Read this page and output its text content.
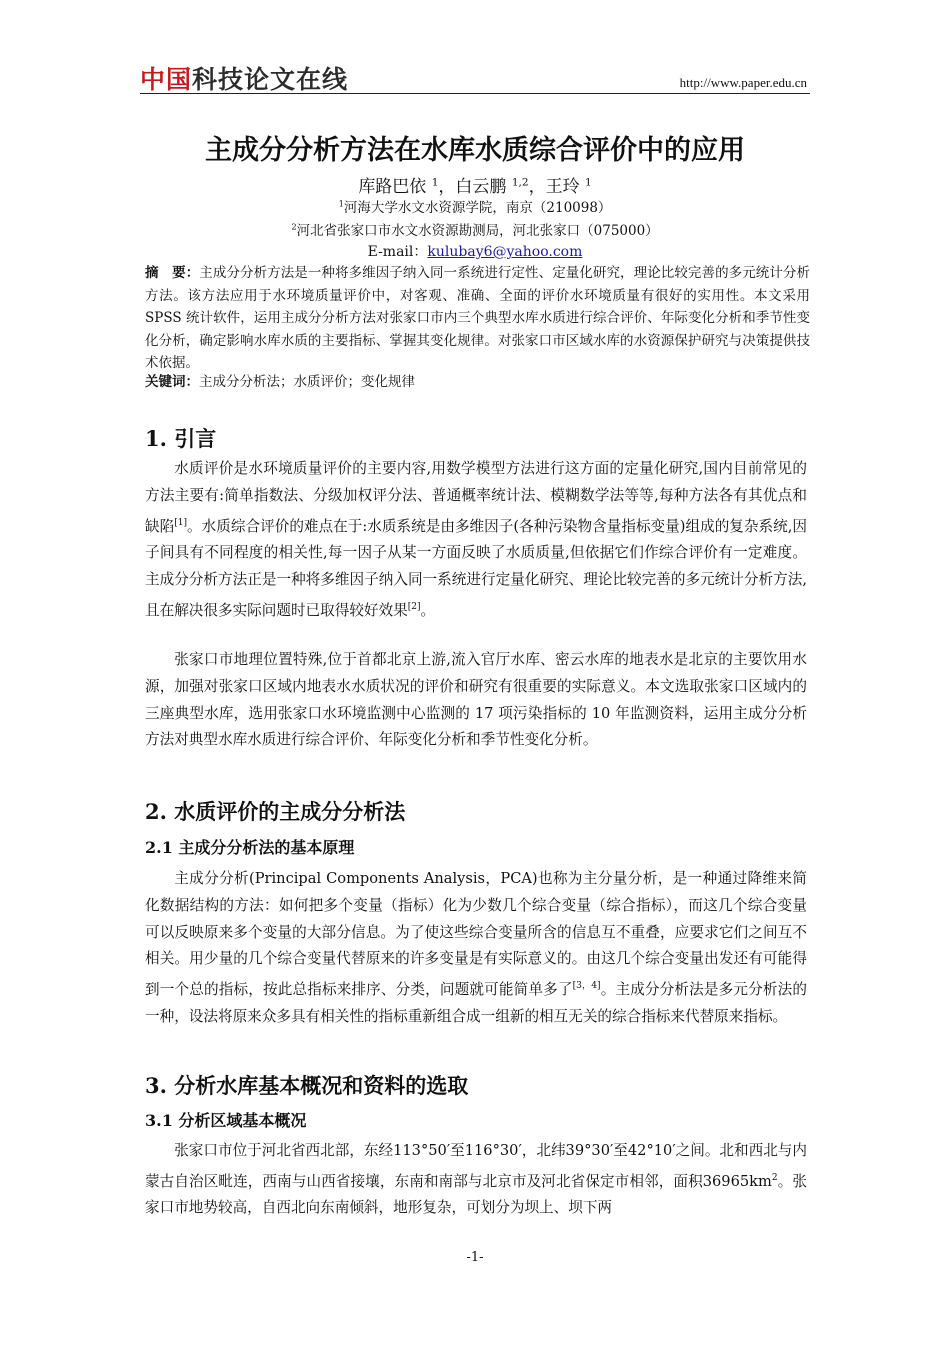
中国科技论文在线	http://www.paper.edu.cn
主成分分析方法在水库水质综合评价中的应用
库路巴依 $^1$，白云鹏 $^{1,2}$，王玲 $^1$
$^1$河海大学水文水资源学院，南京（210098）
$^2$河北省张家口市水文水资源勘测局，河北张家口（075000）
E-mail：kulubay6@yahoo.com
摘　要：主成分分析方法是一种将多维因子纳入同一系统进行定性、定量化研究，理论比较完善的多元统计分析方法。该方法应用于水环境质量评价中，对客观、准确、全面的评价水环境质量有很好的实用性。本文采用 SPSS 统计软件，运用主成分分析方法对张家口市内三个典型水库水质进行综合评价、年际变化分析和季节性变化分析，确定影响水库水质的主要指标、掌握其变化规律。对张家口市区域水库的水资源保护研究与决策提供技术依据。
关键词：主成分分析法；水质评价；变化规律
1. 引言
水质评价是水环境质量评价的主要内容,用数学模型方法进行这方面的定量化研究,国内目前常见的方法主要有:简单指数法、分级加权评分法、普通概率统计法、模糊数学法等等,每种方法各有其优点和缺陷[1]。水质综合评价的难点在于:水质系统是由多维因子(各种污染物含量指标变量)组成的复杂系统,因子间具有不同程度的相关性,每一因子从某一方面反映了水质质量,但依据它们作综合评价有一定难度。主成分分析方法正是一种将多维因子纳入同一系统进行定量化研究、理论比较完善的多元统计分析方法,且在解决很多实际问题时已取得较好效果[2]。
张家口市地理位置特殊,位于首都北京上游,流入官厅水库、密云水库的地表水是北京的主要饮用水源，加强对张家口区域内地表水水质状况的评价和研究有很重要的实际意义。本文选取张家口区域内的三座典型水库，选用张家口水环境监测中心监测的 17 项污染指标的 10 年监测资料，运用主成分分析方法对典型水库水质进行综合评价、年际变化分析和季节性变化分析。
2. 水质评价的主成分分析法
2.1 主成分分析法的基本原理
主成分分析(Principal Components Analysis，PCA)也称为主分量分析，是一种通过降维来简化数据结构的方法：如何把多个变量（指标）化为少数几个综合变量（综合指标），而这几个综合变量可以反映原来多个变量的大部分信息。为了使这些综合变量所含的信息互不重叠，应要求它们之间互不相关。用少量的几个综合变量代替原来的许多变量是有实际意义的。由这几个综合变量出发还有可能得到一个总的指标，按此总指标来排序、分类，问题就可能简单多了[3，4]。主成分分析法是多元分析法的一种，设法将原来众多具有相关性的指标重新组合成一组新的相互无关的综合指标来代替原来指标。
3. 分析水库基本概况和资料的选取
3.1 分析区域基本概况
张家口市位于河北省西北部，东经113°50′至116°30′，北纬39°30′至42°10′之间。北和西北与内蒙古自治区毗连，西南与山西省接壤，东南和南部与北京市及河北省保定市相邻，面积$36965km^2$。张家口市地势较高，自西北向东南倾斜，地形复杂，可划分为坝上、坝下两
-1-
